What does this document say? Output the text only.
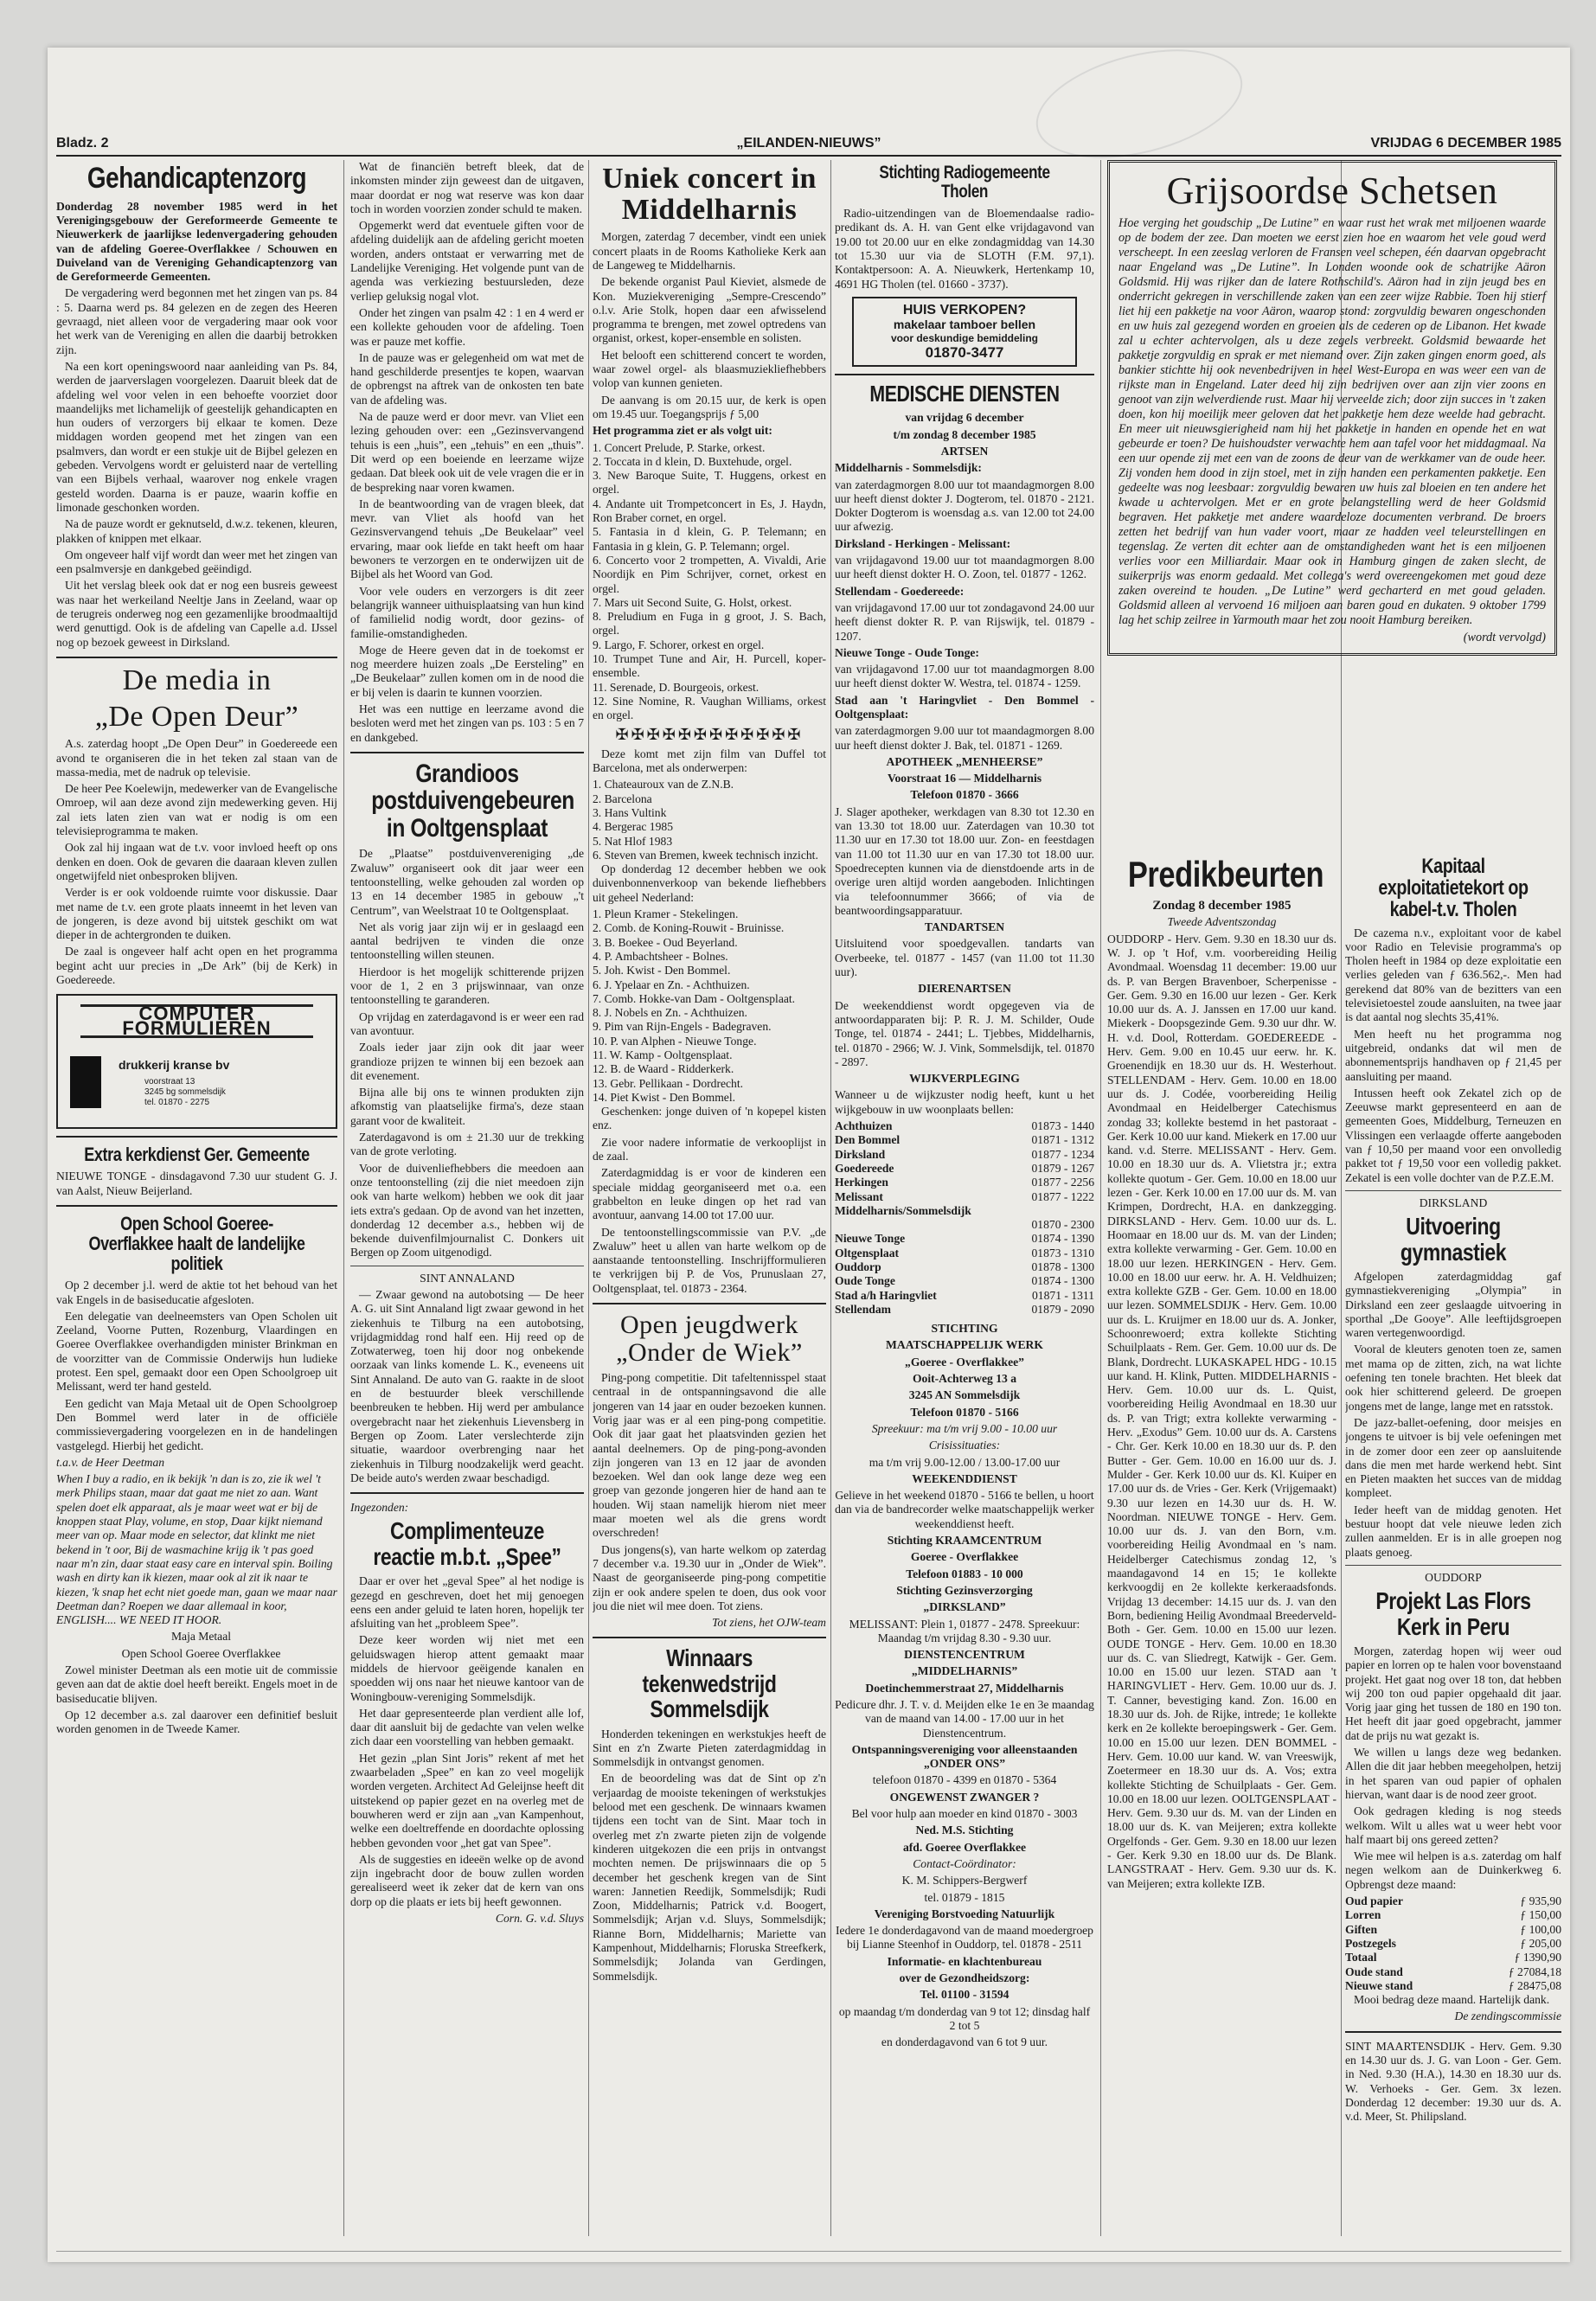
Bladz. 2	„EILANDEN-NIEUWS”	VRIJDAG 6 DECEMBER 1985
Gehandicaptenzorg

Donderdag 28 november 1985 werd in het Verenigingsgebouw der Gereformeerde Gemeente te Nieuwerkerk de jaarlijkse ledenvergadering gehouden van de afdeling Goeree-Overflakkee / Schouwen en Duiveland van de Vereniging Gehandicaptenzorg van de Gereformeerde Gemeenten.

De vergadering werd begonnen met het zingen van ps. 84 : 5. Daarna werd ps. 84 gelezen en de zegen des Heeren gevraagd, niet alleen voor de vergadering maar ook voor het werk van de Vereniging en allen die daarbij betrokken zijn.

Na een kort openingswoord naar aanleiding van Ps. 84, werden de jaarverslagen voorgelezen. Daaruit bleek dat de afdeling wel voor velen in een behoefte voorziet door maandelijks met lichamelijk of geestelijk gehandicapten en hun ouders of verzorgers bij elkaar te komen. Deze middagen worden geopend met het zingen van een psalmvers, dan wordt er een stukje uit de Bijbel gelezen en gebeden. Vervolgens wordt er geluisterd naar de vertelling van een Bijbels verhaal, waarover nog enkele vragen gesteld worden. Daarna is er pauze, waarin koffie en limonade geschonken worden.

Na de pauze wordt er geknutseld, d.w.z. tekenen, kleuren, plakken of knippen met elkaar.

Om ongeveer half vijf wordt dan weer met het zingen van een psalmversje en dankgebed geëindigd.

Uit het verslag bleek ook dat er nog een busreis geweest was naar het werkeiland Neeltje Jans in Zeeland, waar op de terugreis onderweg nog een gezamenlijke broodmaaltijd werd genuttigd. Ook is de afdeling van Capelle a.d. IJssel nog op bezoek geweest in Dirksland.

De media in
„De Open Deur”

A.s. zaterdag hoopt „De Open Deur” in Goedereede een avond te organiseren die in het teken zal staan van de massa-media, met de nadruk op televisie.

De heer Pee Koelewijn, medewerker van de Evangelische Omroep, wil aan deze avond zijn medewerking geven. Hij zal iets laten zien van wat er nodig is om een televisieprogramma te maken.

Ook zal hij ingaan wat de t.v. voor invloed heeft op ons denken en doen. Ook de gevaren die daaraan kleven zullen ongetwijfeld niet onbesproken blijven.

Verder is er ook voldoende ruimte voor diskussie. Daar met name de t.v. een grote plaats inneemt in het leven van de jongeren, is deze avond bij uitstek geschikt om wat dieper in de achtergronden te duiken.

De zaal is ongeveer half acht open en het programma begint acht uur precies in „De Ark” (bij de Kerk) in Goedereede.

COMPUTER FORMULIEREN
drukkerij kranse bv
voorstraat 13
3245 bg sommelsdijk
tel. 01870 - 2275
Extra kerkdienst Ger. Gemeente

NIEUWE TONGE - dinsdagavond 7.30 uur student G. J. van Aalst, Nieuw Beijerland.

Open School Goeree-Overflakkee haalt de landelijke politiek

Op 2 december j.l. werd de aktie tot het behoud van het vak Engels in de basiseducatie afgesloten.

Een delegatie van deelneemsters van Open Scholen uit Zeeland, Voorne Putten, Rozenburg, Vlaardingen en Goeree Overflakkee overhandigden minister Brinkman en de voorzitter van de Commissie Onderwijs hun ludieke protest. Een spel, gemaakt door een Open Schoolgroep uit Melissant, werd ter hand gesteld.

Een gedicht van Maja Metaal uit de Open Schoolgroep Den Bommel werd later in de officiële commissievergadering voorgelezen en in de handelingen vastgelegd. Hierbij het gedicht.

t.a.v. de Heer Deetman

When I buy a radio, en ik bekijk 'n dan is zo, zie ik wel 't merk Philips staan, maar dat gaat me niet zo aan. Want spelen doet elk apparaat, als je maar weet wat er bij de knoppen staat Play, volume, en stop, Daar kijkt niemand meer van op. Maar mode en selector, dat klinkt me niet bekend in 't oor, Bij de wasmachine krijg ik 't pas goed naar m'n zin, daar staat easy care en interval spin. Boiling wash en dirty kan ik kiezen, maar ook al zit ik naar te kiezen, 'k snap het echt niet goede man, gaan we maar naar Deetman dan? Roepen we daar allemaal in koor, ENGLISH.... WE NEED IT HOOR.

Maja Metaal

Open School Goeree Overflakkee

Zowel minister Deetman als een motie uit de commissie geven aan dat de aktie doel heeft bereikt. Engels moet in de basiseducatie blijven.

Op 12 december a.s. zal daarover een definitief besluit worden genomen in de Tweede Kamer.

Wat de financiën betreft bleek, dat de inkomsten minder zijn geweest dan de uitgaven, maar doordat er nog wat reserve was kon daar toch in worden voorzien zonder schuld te maken.

Opgemerkt werd dat eventuele giften voor de afdeling duidelijk aan de afdeling gericht moeten worden, anders ontstaat er verwarring met de Landelijke Vereniging. Het volgende punt van de agenda was verkiezing bestuursleden, deze verliep geluksig nogal vlot.

Onder het zingen van psalm 42 : 1 en 4 werd er een kollekte gehouden voor de afdeling. Toen was er pauze met koffie.

In de pauze was er gelegenheid om wat met de hand geschilderde presentjes te kopen, waarvan de opbrengst na aftrek van de onkosten ten bate van de afdeling was.

Na de pauze werd er door mevr. van Vliet een lezing gehouden over: een „Gezinsvervangend tehuis is een „huis”, een „tehuis” en een „thuis”. Dit werd op een boeiende en leerzame wijze gedaan. Dat bleek ook uit de vele vragen die er in de bespreking naar voren kwamen.

In de beantwoording van de vragen bleek, dat mevr. van Vliet als hoofd van het Gezinsvervangend tehuis „De Beukelaar” veel ervaring, maar ook liefde en takt heeft om haar bewoners te verzorgen en te onderwijzen uit de Bijbel als het Woord van God.

Voor vele ouders en verzorgers is dit zeer belangrijk wanneer uithuisplaatsing van hun kind of familielid nodig wordt, door gezins- of familie-omstandigheden.

Moge de Heere geven dat in de toekomst er nog meerdere huizen zoals „De Eersteling” en „De Beukelaar” zullen komen om in de nood die er bij velen is daarin te kunnen voorzien.

Het was een nuttige en leerzame avond die besloten werd met het zingen van ps. 103 : 5 en 7 en dankgebed.

Grandioos postduivengebeuren in Ooltgensplaat

De „Plaatse” postduivenvereniging „de Zwaluw” organiseert ook dit jaar weer een tentoonstelling, welke gehouden zal worden op 13 en 14 december 1985 in gebouw „'t Centrum”, van Weelstraat 10 te Ooltgensplaat.

Net als vorig jaar zijn wij er in geslaagd een aantal bedrijven te vinden die onze tentoonstelling willen steunen.

Hierdoor is het mogelijk schitterende prijzen voor de 1, 2 en 3 prijswinnaar, van onze tentoonstelling te garanderen.

Op vrijdag en zaterdagavond is er weer een rad van avontuur.

Zoals ieder jaar zijn ook dit jaar weer grandioze prijzen te winnen bij een bezoek aan dit evenement.

Bijna alle bij ons te winnen produkten zijn afkomstig van plaatselijke firma's, deze staan garant voor de kwaliteit.

Zaterdagavond is om ± 21.30 uur de trekking van de grote verloting.

Voor de duivenliefhebbers die meedoen aan onze tentoonstelling (zij die niet meedoen zijn ook van harte welkom) hebben we ook dit jaar iets extra's gedaan. Op de avond van het inzetten, donderdag 12 december a.s., hebben wij de bekende duivenfilmjournalist C. Donkers uit Bergen op Zoom uitgenodigd.

SINT ANNALAND

— Zwaar gewond na autobotsing — De heer A. G. uit Sint Annaland ligt zwaar gewond in het ziekenhuis te Tilburg na een autobotsing, vrijdagmiddag rond half een. Hij reed op de Zotwaterweg, toen hij door nog onbekende oorzaak van links komende L. K., eveneens uit Sint Annaland. De auto van G. raakte in de sloot en de bestuurder bleek verschillende beenbreuken te hebben. Hij werd per ambulance overgebracht naar het ziekenhuis Lievensberg in Bergen op Zoom. Later verslechterde zijn situatie, waardoor overbrenging naar het ziekenhuis in Tilburg noodzakelijk werd geacht. De beide auto's werden zwaar beschadigd.

Ingezonden:

Complimenteuze reactie m.b.t. „Spee”

Daar er over het „geval Spee” al het nodige is gezegd en geschreven, doet het mij genoegen eens een ander geluid te laten horen, hopelijk ter afsluiting van het „probleem Spee”.

Deze keer worden wij niet met een geluidswagen hierop attent gemaakt maar middels de hiervoor geëigende kanalen en spoedden wij ons naar het nieuwe kantoor van de Woningbouw-vereniging Sommelsdijk.

Het daar gepresenteerde plan verdient alle lof, daar dit aansluit bij de gedachte van velen welke zich daar een voorstelling van hebben gemaakt.

Het gezin „plan Sint Joris” rekent af met het zwaarbeladen „Spee” en kan zo veel mogelijk worden vergeten. Architect Ad Geleijnse heeft dit uitstekend op papier gezet en na overleg met de bouwheren werd er zijn aan „van Kampenhout, welke een doeltreffende en doordachte oplossing hebben gevonden voor „het gat van Spee”.

Als de suggesties en ideeën welke op de avond zijn ingebracht door de bouw zullen worden gerealiseerd weet ik zeker dat de kern van ons dorp op die plaats er iets bij heeft gewonnen.

Corn. G. v.d. Sluys

Uniek concert in Middelharnis

Morgen, zaterdag 7 december, vindt een uniek concert plaats in de Rooms Katholieke Kerk aan de Langeweg te Middelharnis.

De bekende organist Paul Kieviet, alsmede de Kon. Muziekvereniging „Sempre-Crescendo” o.l.v. Arie Stolk, hopen daar een afwisselend programma te brengen, met zowel optredens van organist, orkest, koper-ensemble en solisten.

Het belooft een schitterend concert te worden, waar zowel orgel- als blaasmuziekliefhebbers volop van kunnen genieten.

De aanvang is om 20.15 uur, de kerk is open om 19.45 uur. Toegangsprijs ƒ 5,00

Het programma ziet er als volgt uit:

1. Concert Prelude, P. Starke, orkest.
2. Toccata in d klein, D. Buxtehude, orgel.
3. New Baroque Suite, T. Huggens, orkest en orgel.
4. Andante uit Trompetconcert in Es, J. Haydn, Ron Braber cornet, en orgel.
5. Fantasia in d klein, G. P. Telemann; en Fantasia in g klein, G. P. Telemann; orgel.
6. Concerto voor 2 trompetten, A. Vivaldi, Arie Noordijk en Pim Schrijver, cornet, orkest en orgel.
7. Mars uit Second Suite, G. Holst, orkest.
8. Preludium en Fuga in g groot, J. S. Bach, orgel.
9. Largo, F. Schorer, orkest en orgel.
10. Trumpet Tune and Air, H. Purcell, koper-ensemble.
11. Serenade, D. Bourgeois, orkest.
12. Sine Nomine, R. Vaughan Williams, orkest en orgel.
✠✠✠✠✠✠✠✠✠✠✠✠

Deze komt met zijn film van Duffel tot Barcelona, met als onderwerpen:

1. Chateauroux van de Z.N.B.
2. Barcelona
3. Hans Vultink
4. Bergerac 1985
5. Nat Hlof 1983
6. Steven van Bremen, kweek technisch inzicht.

Op donderdag 12 december hebben we ook duivenbonnenverkoop van bekende liefhebbers uit geheel Nederland:

1. Pleun Kramer - Stekelingen.
2. Comb. de Koning-Rouwit - Bruinisse.
3. B. Boekee - Oud Beyerland.
4. P. Ambachtsheer - Bolnes.
5. Joh. Kwist - Den Bommel.
6. J. Ypelaar en Zn. - Achthuizen.
7. Comb. Hokke-van Dam - Ooltgensplaat.
8. J. Nobels en Zn. - Achthuizen.
9. Pim van Rijn-Engels - Badegraven.
10. P. van Alphen - Nieuwe Tonge.
11. W. Kamp - Ooltgensplaat.
12. B. de Waard - Ridderkerk.
13. Gebr. Pellikaan - Dordrecht.
14. Piet Kwist - Den Bommel.

Geschenken: jonge duiven of 'n kopepel kisten enz.

Zie voor nadere informatie de verkooplijst in de zaal.

Zaterdagmiddag is er voor de kinderen een speciale middag georganiseerd met o.a. een grabbelton en leuke dingen op het rad van avontuur, aanvang 14.00 tot 17.00 uur.

De tentoonstellingscommissie van P.V. „de Zwaluw” heet u allen van harte welkom op de aanstaande tentoonstelling. Inschrijfformulieren te verkrijgen bij P. de Vos, Prunuslaan 27, Ooltgensplaat, tel. 01873 - 2364.

Open jeugdwerk „Onder de Wiek”

Ping-pong competitie. Dit tafeltennisspel staat centraal in de ontspanningsavond die alle jongeren van 14 jaar en ouder bezoeken kunnen. Vorig jaar was er al een ping-pong competitie. Ook dit jaar gaat het plaatsvinden gezien het aantal deelnemers. Op de ping-pong-avonden zijn jongeren van 13 en 12 jaar de avonden bezoeken. Wel dan ook lange deze weg een groep van gezonde jongeren hier de hand aan te houden. Wij staan namelijk hierom niet meer maar moeten wel als die grens wordt overschreden!

Dus jongens(s), van harte welkom op zaterdag 7 december v.a. 19.30 uur in „Onder de Wiek”. Naast de georganiseerde ping-pong competitie zijn er ook andere spelen te doen, dus ook voor jou die niet wil mee doen. Tot ziens.

Tot ziens, het OJW-team

Winnaars tekenwedstrijd Sommelsdijk

Honderden tekeningen en werkstukjes heeft de Sint en z'n Zwarte Pieten zaterdagmiddag in Sommelsdijk in ontvangst genomen.

En de beoordeling was dat de Sint op z'n verjaardag de mooiste tekeningen of werkstukjes belood met een geschenk. De winnaars kwamen tijdens een tocht van de Sint. Maar toch in overleg met z'n zwarte pieten zijn de volgende kinderen uitgekozen die een prijs in ontvangst mochten nemen. De prijswinnaars die op 5 december het geschenk kregen van de Sint waren: Jannetien Reedijk, Sommelsdijk; Rudi Zoon, Middelharnis; Patrick v.d. Boogert, Sommelsdijk; Arjan v.d. Sluys, Sommelsdijk; Rianne Born, Middelharnis; Mariette van Kampenhout, Middelharnis; Floruska Streefkerk, Sommelsdijk; Jolanda van Gerdingen, Sommelsdijk.

Stichting Radiogemeente Tholen

Radio-uitzendingen van de Bloemendaalse radio-predikant ds. A. H. van Gent elke vrijdagavond van 19.00 tot 20.00 uur en elke zondagmiddag van 14.30 tot 15.30 uur via de SLOTH (F.M. 97,1). Kontaktpersoon: A. A. Nieuwkerk, Hertenkamp 10, 4691 HG Tholen (tel. 01660 - 3737).

HUIS VERKOPEN?
makelaar tamboer bellen
voor deskundige bemiddeling
01870-3477
MEDISCHE DIENSTEN

van vrijdag 6 december

t/m zondag 8 december 1985

ARTSEN

Middelharnis - Sommelsdijk:

van zaterdagmorgen 8.00 uur tot maandagmorgen 8.00 uur heeft dienst dokter J. Dogterom, tel. 01870 - 2121. Dokter Dogterom is woensdag a.s. van 12.00 tot 24.00 uur afwezig.

Dirksland - Herkingen - Melissant:

van vrijdagavond 19.00 uur tot maandagmorgen 8.00 uur heeft dienst dokter H. O. Zoon, tel. 01877 - 1262.

Stellendam - Goedereede:

van vrijdagavond 17.00 uur tot zondagavond 24.00 uur heeft dienst dokter R. P. van Rijswijk, tel. 01879 - 1207.

Nieuwe Tonge - Oude Tonge:

van vrijdagavond 17.00 uur tot maandagmorgen 8.00 uur heeft dienst dokter W. Westra, tel. 01874 - 1259.

Stad aan 't Haringvliet - Den Bommel - Ooltgensplaat:

van zaterdagmorgen 9.00 uur tot maandagmorgen 8.00 uur heeft dienst dokter J. Bak, tel. 01871 - 1269.

APOTHEEK „MENHEERSE”

Voorstraat 16 — Middelharnis

Telefoon 01870 - 3666

J. Slager apotheker, werkdagen van 8.30 tot 12.30 en van 13.30 tot 18.00 uur. Zaterdagen van 10.30 tot 11.30 uur en 17.30 tot 18.00 uur. Zon- en feestdagen van 11.00 tot 11.30 uur en van 17.30 tot 18.00 uur. Spoedrecepten kunnen via de dienstdoende arts in de overige uren altijd worden aangeboden. Inlichtingen via telefoonnummer 3666; of via de beantwoordingsapparatuur.

TANDARTSEN

Uitsluitend voor spoedgevallen. tandarts van Overbeeke, tel. 01877 - 1457 (van 11.00 tot 11.30 uur).

DIERENARTSEN

De weekenddienst wordt opgegeven via de antwoordapparaten bij: P. R. J. M. Schilder, Oude Tonge, tel. 01874 - 2441; L. Tjebbes, Middelharnis, tel. 01870 - 2966; W. J. Vink, Sommelsdijk, tel. 01870 - 2897.

WIJKVERPLEGING

Wanneer u de wijkzuster nodig heeft, kunt u het wijkgebouw in uw woonplaats bellen:

Achthuizen	01873 - 1440
Den Bommel	01871 - 1312
Dirksland	01877 - 1234
Goedereede	01879 - 1267
Herkingen	01877 - 2256
Melissant	01877 - 1222
Middelharnis/Sommelsdijk
01870 - 2300
Nieuwe Tonge	01874 - 1390
Oltgensplaat	01873 - 1310
Ouddorp	01878 - 1300
Oude Tonge	01874 - 1300
Stad a/h Haringvliet	01871 - 1311
Stellendam	01879 - 2090

STICHTING

MAATSCHAPPELIJK WERK

„Goeree - Overflakkee”

Ooit-Achterweg 13 a

3245 AN Sommelsdijk

Telefoon 01870 - 5166

Spreekuur: ma t/m vrij 9.00 - 10.00 uur

Crisissituaties:

ma t/m vrij 9.00-12.00 / 13.00-17.00 uur

WEEKENDDIENST

Gelieve in het weekend 01870 - 5166 te bellen, u hoort dan via de bandrecorder welke maatschappelijk werker weekenddienst heeft.

Stichting KRAAMCENTRUM

Goeree - Overflakkee

Telefoon 01883 - 10 000

Stichting Gezinsverzorging

„DIRKSLAND”

MELISSANT: Plein 1, 01877 - 2478. Spreekuur: Maandag t/m vrijdag 8.30 - 9.30 uur.

DIENSTENCENTRUM

„MIDDELHARNIS”

Doetinchemmerstraat 27, Middelharnis

Pedicure dhr. J. T. v. d. Meijden elke 1e en 3e maandag van de maand van 14.00 - 17.00 uur in het Dienstencentrum.

Ontspanningsvereniging voor alleenstaanden „ONDER ONS”

telefoon 01870 - 4399 en 01870 - 5364

ONGEWENST ZWANGER ?

Bel voor hulp aan moeder en kind 01870 - 3003

Ned. M.S. Stichting

afd. Goeree Overflakkee

Contact-Coördinator:

K. M. Schippers-Bergwerf

tel. 01879 - 1815

Vereniging Borstvoeding Natuurlijk

Iedere 1e donderdagavond van de maand moedergroep bij Lianne Steenhof in Ouddorp, tel. 01878 - 2511

Informatie- en klachtenbureau

over de Gezondheidszorg:

Tel. 01100 - 31594

op maandag t/m donderdag van 9 tot 12; dinsdag half 2 tot 5

en donderdagavond van 6 tot 9 uur.

Grijsoordse Schetsen

Hoe verging het goudschip „De Lutine” en waar rust het wrak met miljoenen waarde op de bodem der zee. Dan moeten we eerst zien hoe en waarom het vele goud werd verscheept. In een zeeslag verloren de Fransen veel schepen, één daarvan opgebracht naar Engeland was „De Lutine”. In Londen woonde ook de schatrijke Aäron Goldsmid. Hij was rijker dan de latere Rothschild's. Aäron had in zijn jeugd bes en onderricht gekregen in verschillende zaken van een zeer wijze Rabbie. Toen hij stierf liet hij een pakketje na voor Aäron, waarop stond: zorgvuldig bewaren ongeschonden en uw huis zal gezegend worden en groeien als de cederen op de Libanon. Het kwade zal u echter achtervolgen, als u deze zegels verbreekt. Goldsmid bewaarde het pakketje zorgvuldig en sprak er met niemand over. Zijn zaken gingen enorm goed, als bankier stichtte hij ook nevenbedrijven in heel West-Europa en was weer een van de rijkste man in Engeland. Later deed hij zijn bedrijven over aan zijn vier zoons en genoot van zijn welverdiende rust. Maar hij verveelde zich; door zijn succes in 't zaken doen, kon hij moeilijk meer geloven dat het pakketje hem deze weelde had gebracht. En meer uit nieuwsgierigheid nam hij het pakketje in handen en opende het en wat gebeurde er toen? De huishoudster verwachte hem aan tafel voor het middagmaal. Na een uur opende zij met een van de zoons de deur van de werkkamer van de oude heer. Zij vonden hem dood in zijn stoel, met in zijn handen een perkamenten pakketje. Een gedeelte was nog leesbaar: zorgvuldig bewaren uw huis zal bloeien en ten andere het kwade u achtervolgen. Met er en grote belangstelling werd de heer Goldsmid begraven. Het pakketje met andere waardeloze documenten verbrand. De broers zetten het bedrijf van hun vader voort, maar ze hadden veel teleurstellingen en tegenslag. Ze verten dit echter aan de omstandigheden want het is een miljoenen verlies voor een Milliardair. Maar ook in Hamburg gingen de zaken slecht, de suikerprijs was enorm gedaald. Met collega's werd overeengekomen met goud deze zaken overeind te houden. „De Lutine” werd gecharterd en met goud geladen. Goldsmid alleen al vervoend 16 miljoen aan baren goud en dukaten. 9 oktober 1799 lag het schip zeilree in Yarmouth maar het zou nooit Hamburg bereiken.

(wordt vervolgd)

Predikbeurten

Zondag 8 december 1985

Tweede Adventszondag

OUDDORP - Herv. Gem. 9.30 en 18.30 uur ds. W. J. op 't Hof, v.m. voorbereiding Heilig Avondmaal. Woensdag 11 december: 19.00 uur ds. P. van Bergen Bravenboer, Scherpenisse - Ger. Gem. 9.30 en 16.00 uur lezen - Ger. Kerk 10.00 uur ds. A. J. Janssen en 17.00 uur kand. Miekerk - Doopsgezinde Gem. 9.30 uur dhr. W. H. v.d. Dool, Rotterdam. GOEDEREEDE - Herv. Gem. 9.00 en 10.45 uur eerw. hr. K. Groenendijk en 18.30 uur ds. H. Westerhout. STELLENDAM - Herv. Gem. 10.00 en 18.00 uur ds. J. Codée, voorbereiding Heilig Avondmaal en Heidelberger Catechismus zondag 33; kollekte bestemd in het pastoraat - Ger. Kerk 10.00 uur kand. Miekerk en 17.00 uur kand. v.d. Sterre. MELISSANT - Herv. Gem. 10.00 en 18.30 uur ds. A. Vlietstra jr.; extra kollekte quotum - Ger. Gem. 10.00 en 18.00 uur lezen - Ger. Kerk 10.00 en 17.00 uur ds. M. van Krimpen, Dordrecht, H.A. en dankzegging. DIRKSLAND - Herv. Gem. 10.00 uur ds. L. Hoomaar en 18.00 uur ds. M. van der Linden; extra kollekte verwarming - Ger. Gem. 10.00 en 18.00 uur lezen. HERKINGEN - Herv. Gem. 10.00 en 18.00 uur eerw. hr. A. H. Veldhuizen; extra kollekte GZB - Ger. Gem. 10.00 en 18.00 uur lezen. SOMMELSDIJK - Herv. Gem. 10.00 uur ds. L. Kruijmer en 18.00 uur ds. A. Jonker, Schoonrewoerd; extra kollekte Stichting Schuilplaats - Rem. Ger. Gem. 10.00 uur ds. De Blank, Dordrecht. LUKASKAPEL HDG - 10.15 uur kand. H. Klink, Putten. MIDDELHARNIS - Herv. Gem. 10.00 uur ds. L. Quist, voorbereiding Heilig Avondmaal en 18.30 uur ds. P. van Trigt; extra kollekte verwarming - Herv. „Exodus” Gem. 10.00 uur ds. A. Carstens - Chr. Ger. Kerk 10.00 en 18.30 uur ds. P. den Butter - Ger. Gem. 10.00 en 16.00 uur ds. J. Mulder - Ger. Kerk 10.00 uur ds. Kl. Kuiper en 17.00 uur ds. de Vries - Ger. Kerk (Vrijgemaakt) 9.30 uur lezen en 14.30 uur ds. H. W. Noordman. NIEUWE TONGE - Herv. Gem. 10.00 uur ds. J. van den Born, v.m. voorbereiding Heilig Avondmaal en 's nam. Heidelberger Catechismus zondag 12, 's maandagavond 14 en 15; 1e kollekte kerkvoogdij en 2e kollekte kerkeraadsfonds. Vrijdag 13 december: 14.15 uur ds. J. van den Born, bediening Heilig Avondmaal Breederveld-Both - Ger. Gem. 10.00 en 15.00 uur lezen. OUDE TONGE - Herv. Gem. 10.00 en 18.30 uur ds. C. van Sliedregt, Katwijk - Ger. Gem. 10.00 en 15.00 uur lezen. STAD aan 't HARINGVLIET - Herv. Gem. 10.00 uur ds. J. T. Canner, bevestiging kand. Zon. 16.00 en 18.30 uur ds. Joh. de Rijke, intrede; 1e kollekte kerk en 2e kollekte beroepingswerk - Ger. Gem. 10.00 en 15.00 uur lezen. DEN BOMMEL - Herv. Gem. 10.00 uur kand. W. van Vreeswijk, Zoetermeer en 18.30 uur ds. A. Vos; extra kollekte Stichting de Schuilplaats - Ger. Gem. 10.00 en 18.00 uur lezen. OOLTGENSPLAAT - Herv. Gem. 9.30 uur ds. M. van der Linden en 18.00 uur ds. K. van Meijeren; extra kollekte Orgelfonds - Ger. Gem. 9.30 en 18.00 uur lezen - Ger. Kerk 9.30 en 18.00 uur ds. De Blank. LANGSTRAAT - Herv. Gem. 9.30 uur ds. K. van Meijeren; extra kollekte IZB.

Kapitaal exploitatietekort op kabel-t.v. Tholen

De cazema n.v., exploitant voor de kabel voor Radio en Televisie programma's op Tholen heeft in 1984 op deze exploitatie een verlies geleden van ƒ 636.562,-. Men had gerekend dat 80% van de bezitters van een televisietoestel zoude aansluiten, na twee jaar is dat aantal nog slechts 35,41%.

Men heeft nu het programma nog uitgebreid, ondanks dat wil men de abonnementsprijs handhaven op ƒ 21,45 per aansluiting per maand.

Intussen heeft ook Zekatel zich op de Zeeuwse markt gepresenteerd en aan de gemeenten Goes, Middelburg, Terneuzen en Vlissingen een verlaagde offerte aangeboden van ƒ 10,50 per maand voor een onvolledig pakket tot ƒ 19,50 voor een volledig pakket. Zekatel is een volle dochter van de P.Z.E.M.

DIRKSLAND

Uitvoering gymnastiek

Afgelopen zaterdagmiddag gaf gymnastiekvereniging „Olympia” in Dirksland een zeer geslaagde uitvoering in sporthal „De Gooye”. Alle leeftijdsgroepen waren vertegenwoordigd.

Vooral de kleuters genoten toen ze, samen met mama op de zitten, zich, na wat lichte oefening ten tonele brachten. Het bleek dat ook hier schitterend geleerd. De groepen jongens met de lange, lange met en ratsstok.

De jazz-ballet-oefening, door meisjes en jongens te uitvoer is bij vele oefeningen met in de zomer door een zeer op aansluitende dans die men met harde werkend hebt. Sint en Pieten maakten het succes van de middag kompleet.

Ieder heeft van de middag genoten. Het bestuur hoopt dat vele nieuwe leden zich zullen aanmelden. Er is in alle groepen nog plaats genoeg.

OUDDORP

Projekt Las Flors Kerk in Peru

Morgen, zaterdag hopen wij weer oud papier en lorren op te halen voor bovenstaand projekt. Het gaat nog over 18 ton, dat hebben wij 200 ton oud papier opgehaald dit jaar. Vorig jaar ging het tussen de 180 en 190 ton. Het heeft dit jaar goed opgebracht, jammer dat de prijs nu wat gezakt is.

We willen u langs deze weg bedanken. Allen die dit jaar hebben meegeholpen, hetzij in het sparen van oud papier of ophalen hiervan, want daar is de nood zeer groot.

Ook gedragen kleding is nog steeds welkom. Wilt u alles wat u weer hebt voor half maart bij ons gereed zetten?

Wie mee wil helpen is a.s. zaterdag om half negen welkom aan de Duinkerkweg 6. Opbrengst deze maand:

Oud papier	ƒ 935,90
Lorren	ƒ 150,00
Giften	ƒ 100,00
Postzegels	ƒ 205,00
Totaal	ƒ 1390,90
Oude stand	ƒ 27084,18
Nieuwe stand	ƒ 28475,08

Mooi bedrag deze maand. Hartelijk dank.

De zendingscommissie

SINT MAARTENSDIJK - Herv. Gem. 9.30 en 14.30 uur ds. J. G. van Loon - Ger. Gem. in Ned. 9.30 (H.A.), 14.30 en 18.30 uur ds. W. Verhoeks - Ger. Gem. 3x lezen. Donderdag 12 december: 19.30 uur ds. A. v.d. Meer, St. Philipsland.
